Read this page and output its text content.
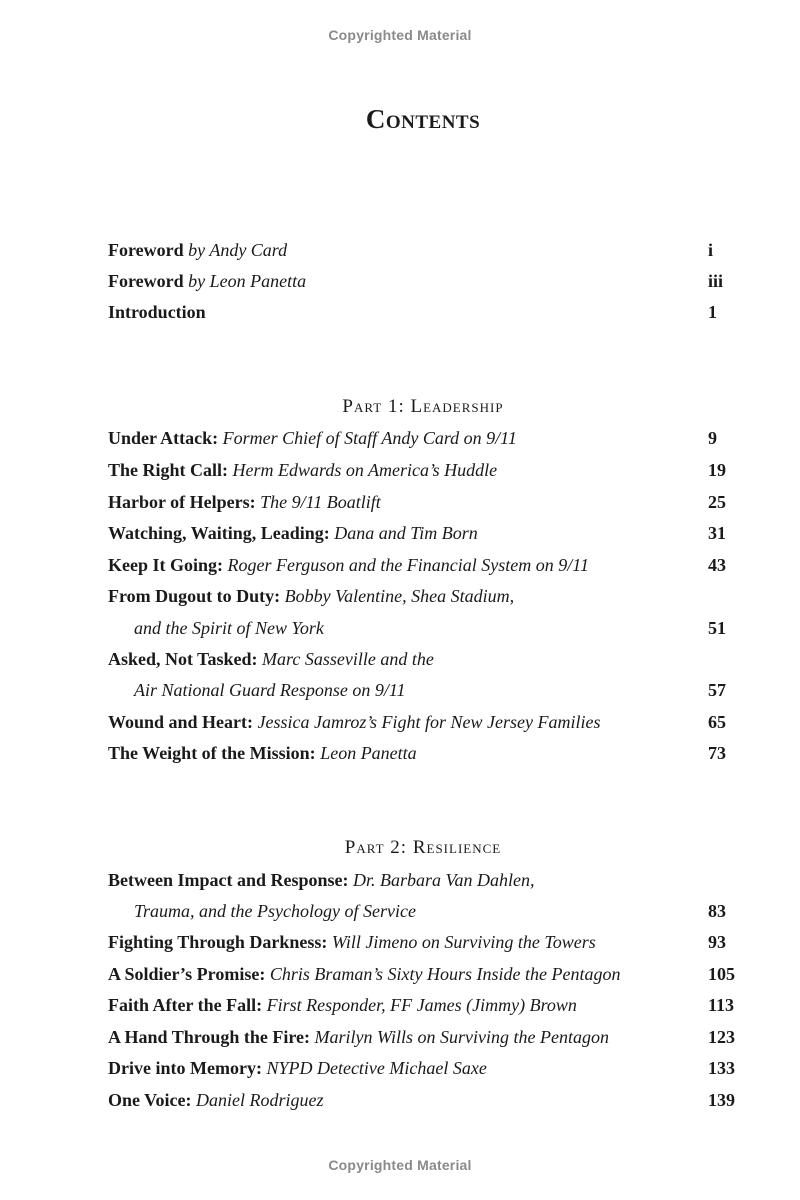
Copyrighted Material
Contents
Foreword by Andy Card	i
Foreword by Leon Panetta	iii
Introduction	1
Part 1: Leadership
Under Attack: Former Chief of Staff Andy Card on 9/11	9
The Right Call: Herm Edwards on America’s Huddle	19
Harbor of Helpers: The 9/11 Boatlift	25
Watching, Waiting, Leading: Dana and Tim Born	31
Keep It Going: Roger Ferguson and the Financial System on 9/11	43
From Dugout to Duty: Bobby Valentine, Shea Stadium,
and the Spirit of New York	51
Asked, Not Tasked: Marc Sasseville and the
Air National Guard Response on 9/11	57
Wound and Heart: Jessica Jamroz’s Fight for New Jersey Families	65
The Weight of the Mission: Leon Panetta	73
Part 2: Resilience
Between Impact and Response: Dr. Barbara Van Dahlen,
Trauma, and the Psychology of Service	83
Fighting Through Darkness: Will Jimeno on Surviving the Towers	93
A Soldier’s Promise: Chris Braman’s Sixty Hours Inside the Pentagon	105
Faith After the Fall: First Responder, FF James (Jimmy) Brown	113
A Hand Through the Fire: Marilyn Wills on Surviving the Pentagon	123
Drive into Memory: NYPD Detective Michael Saxe	133
One Voice: Daniel Rodriguez	139
Copyrighted Material
